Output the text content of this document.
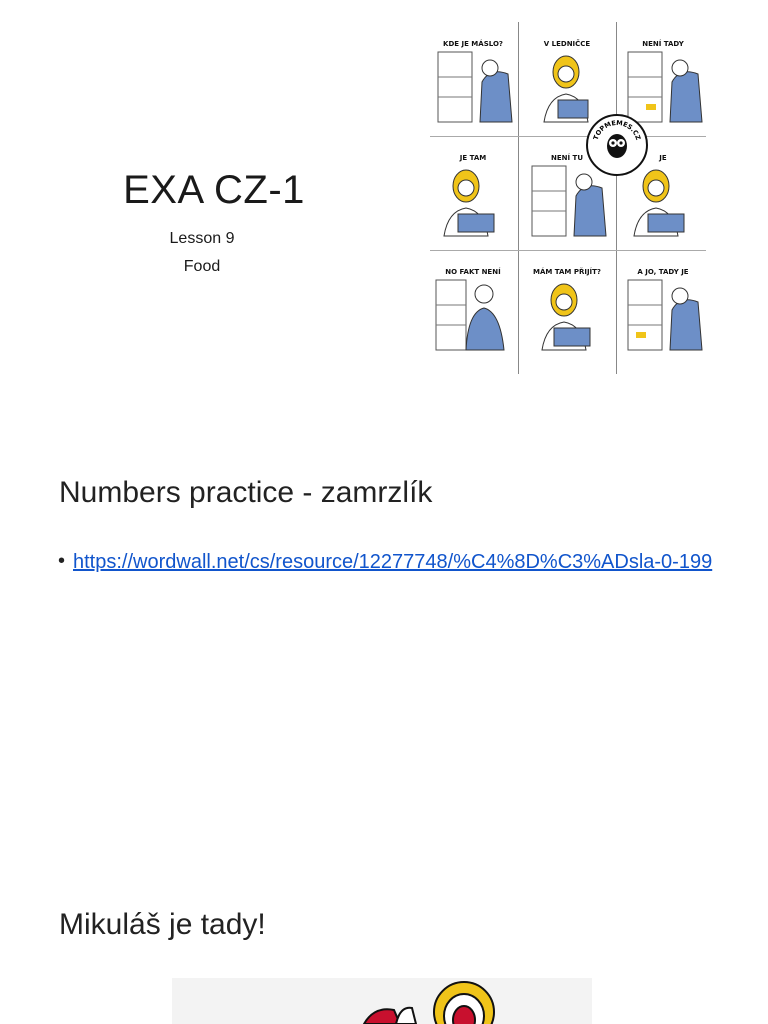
EXA CZ-1
Lesson 9
Food
KDE JE MÁSLO?	V LEDNIČCE	NENÍ TADY
JE TAM	NENÍ TU	JE
NO FAKT NENÍ	MÁM TAM PŘIJÍT?	A JO, TADY JE
TOPMEMES.CZ
Numbers practice - zamrzlík
• https://wordwall.net/cs/resource/12277748/%C4%8D%C3%ADsla-0-199
Mikuláš je tady!
